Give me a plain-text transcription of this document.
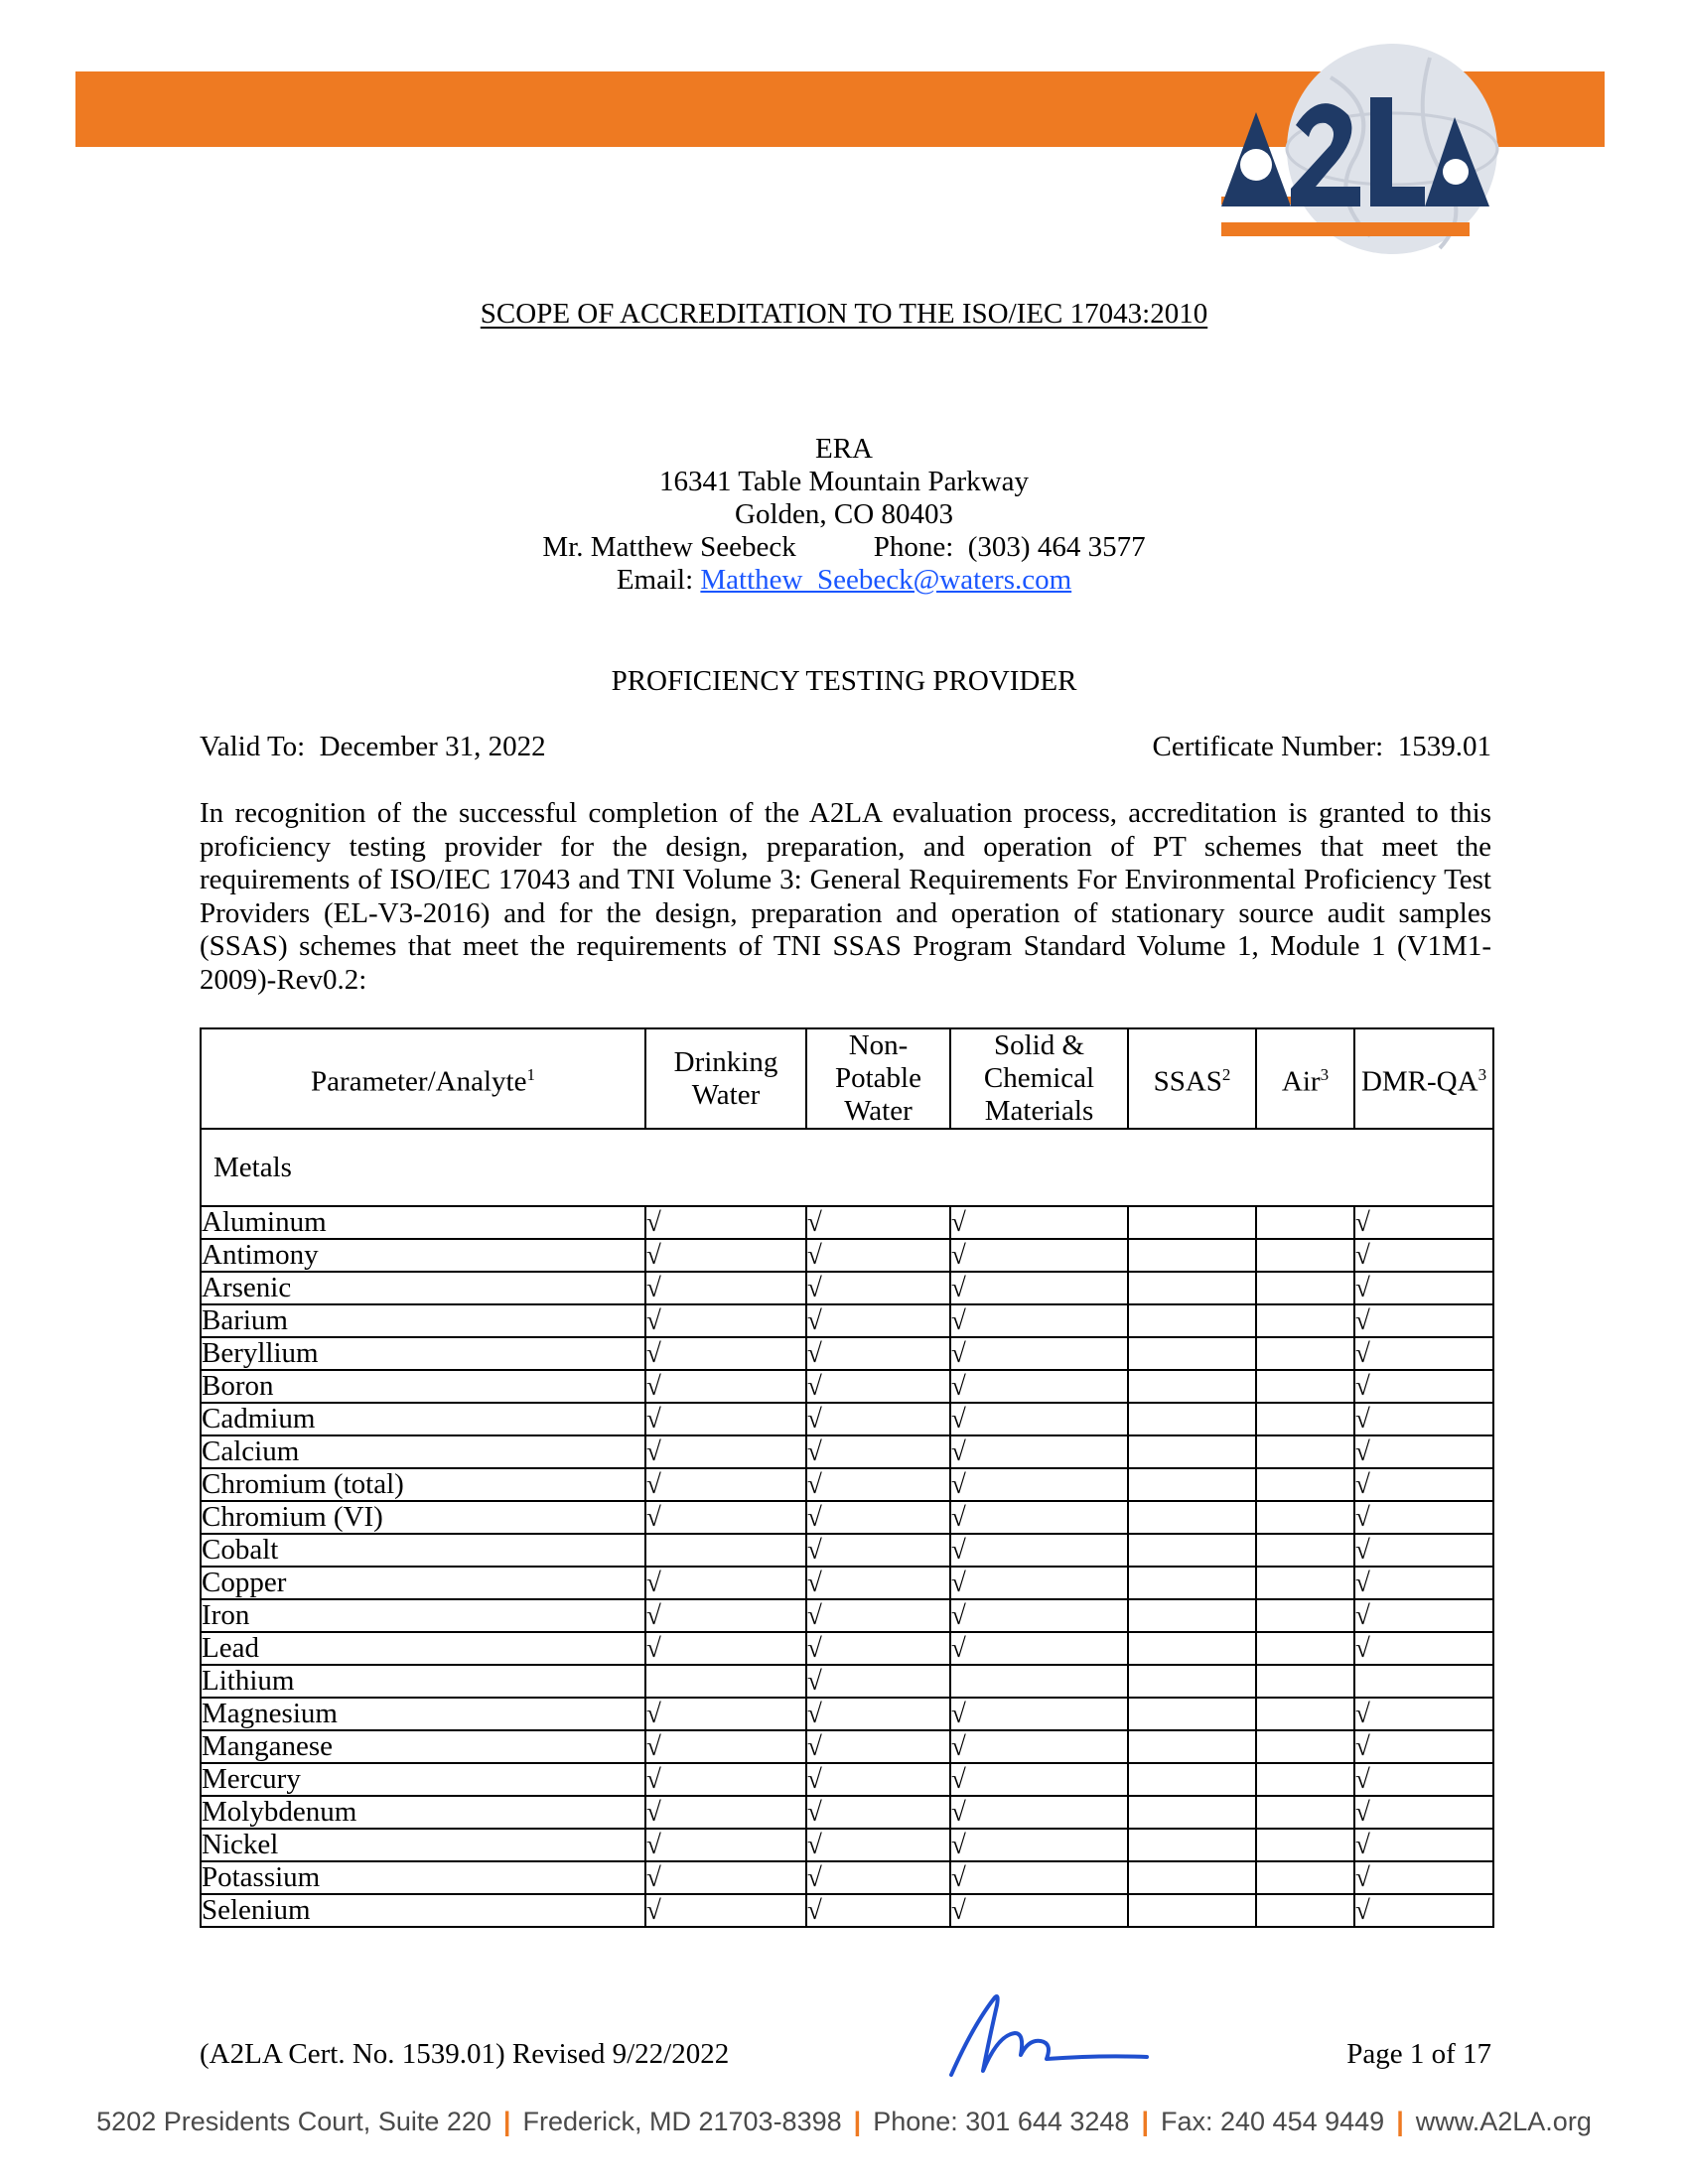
SCOPE OF ACCREDITATION TO THE ISO/IEC 17043:2010
ERA
16341 Table Mountain Parkway
Golden, CO 80403
Mr. Matthew Seebeck	Phone:  (303) 464 3577
Email: Matthew_Seebeck@waters.com
PROFICIENCY TESTING PROVIDER
Valid To:  December 31, 2022	Certificate Number:  1539.01
In recognition of the successful completion of the A2LA evaluation process, accreditation is granted to this proficiency testing provider for the design, preparation, and operation of PT schemes that meet the requirements of ISO/IEC 17043 and TNI Volume 3: General Requirements For Environmental Proficiency Test Providers (EL-V3-2016) and for the design, preparation and operation of stationary source audit samples (SSAS) schemes that meet the requirements of TNI SSAS Program Standard Volume 1, Module 1 (V1M1-2009)-Rev0.2:
Parameter/Analyte$^1$	Drinking Water	Non-Potable Water	Solid & Chemical Materials	SSAS$^2$	Air$^3$	DMR-$QA^3$
Metals						
Aluminum	√	√	√			√
Antimony	√	√	√			√
Arsenic	√	√	√			√
Barium	√	√	√			√
Beryllium	√	√	√			√
Boron	√	√	√			√
Cadmium	√	√	√			√
Calcium	√	√	√			√
Chromium (total)	√	√	√			√
Chromium (VI)	√	√	√			√
Cobalt		√	√			√
Copper	√	√	√			√
Iron	√	√	√			√
Lead	√	√	√			√
Lithium		√				
Magnesium	√	√	√			√
Manganese	√	√	√			√
Mercury	√	√	√			√
Molybdenum	√	√	√			√
Nickel	√	√	√			√
Potassium	√	√	√			√
Selenium	√	√	√			√
(A2LA Cert. No. 1539.01) Revised 9/22/2022	Page 1 of 17
5202 Presidents Court, Suite 220 | Frederick, MD 21703-8398 | Phone: 301 644 3248 | Fax: 240 454 9449 | www.A2LA.org
